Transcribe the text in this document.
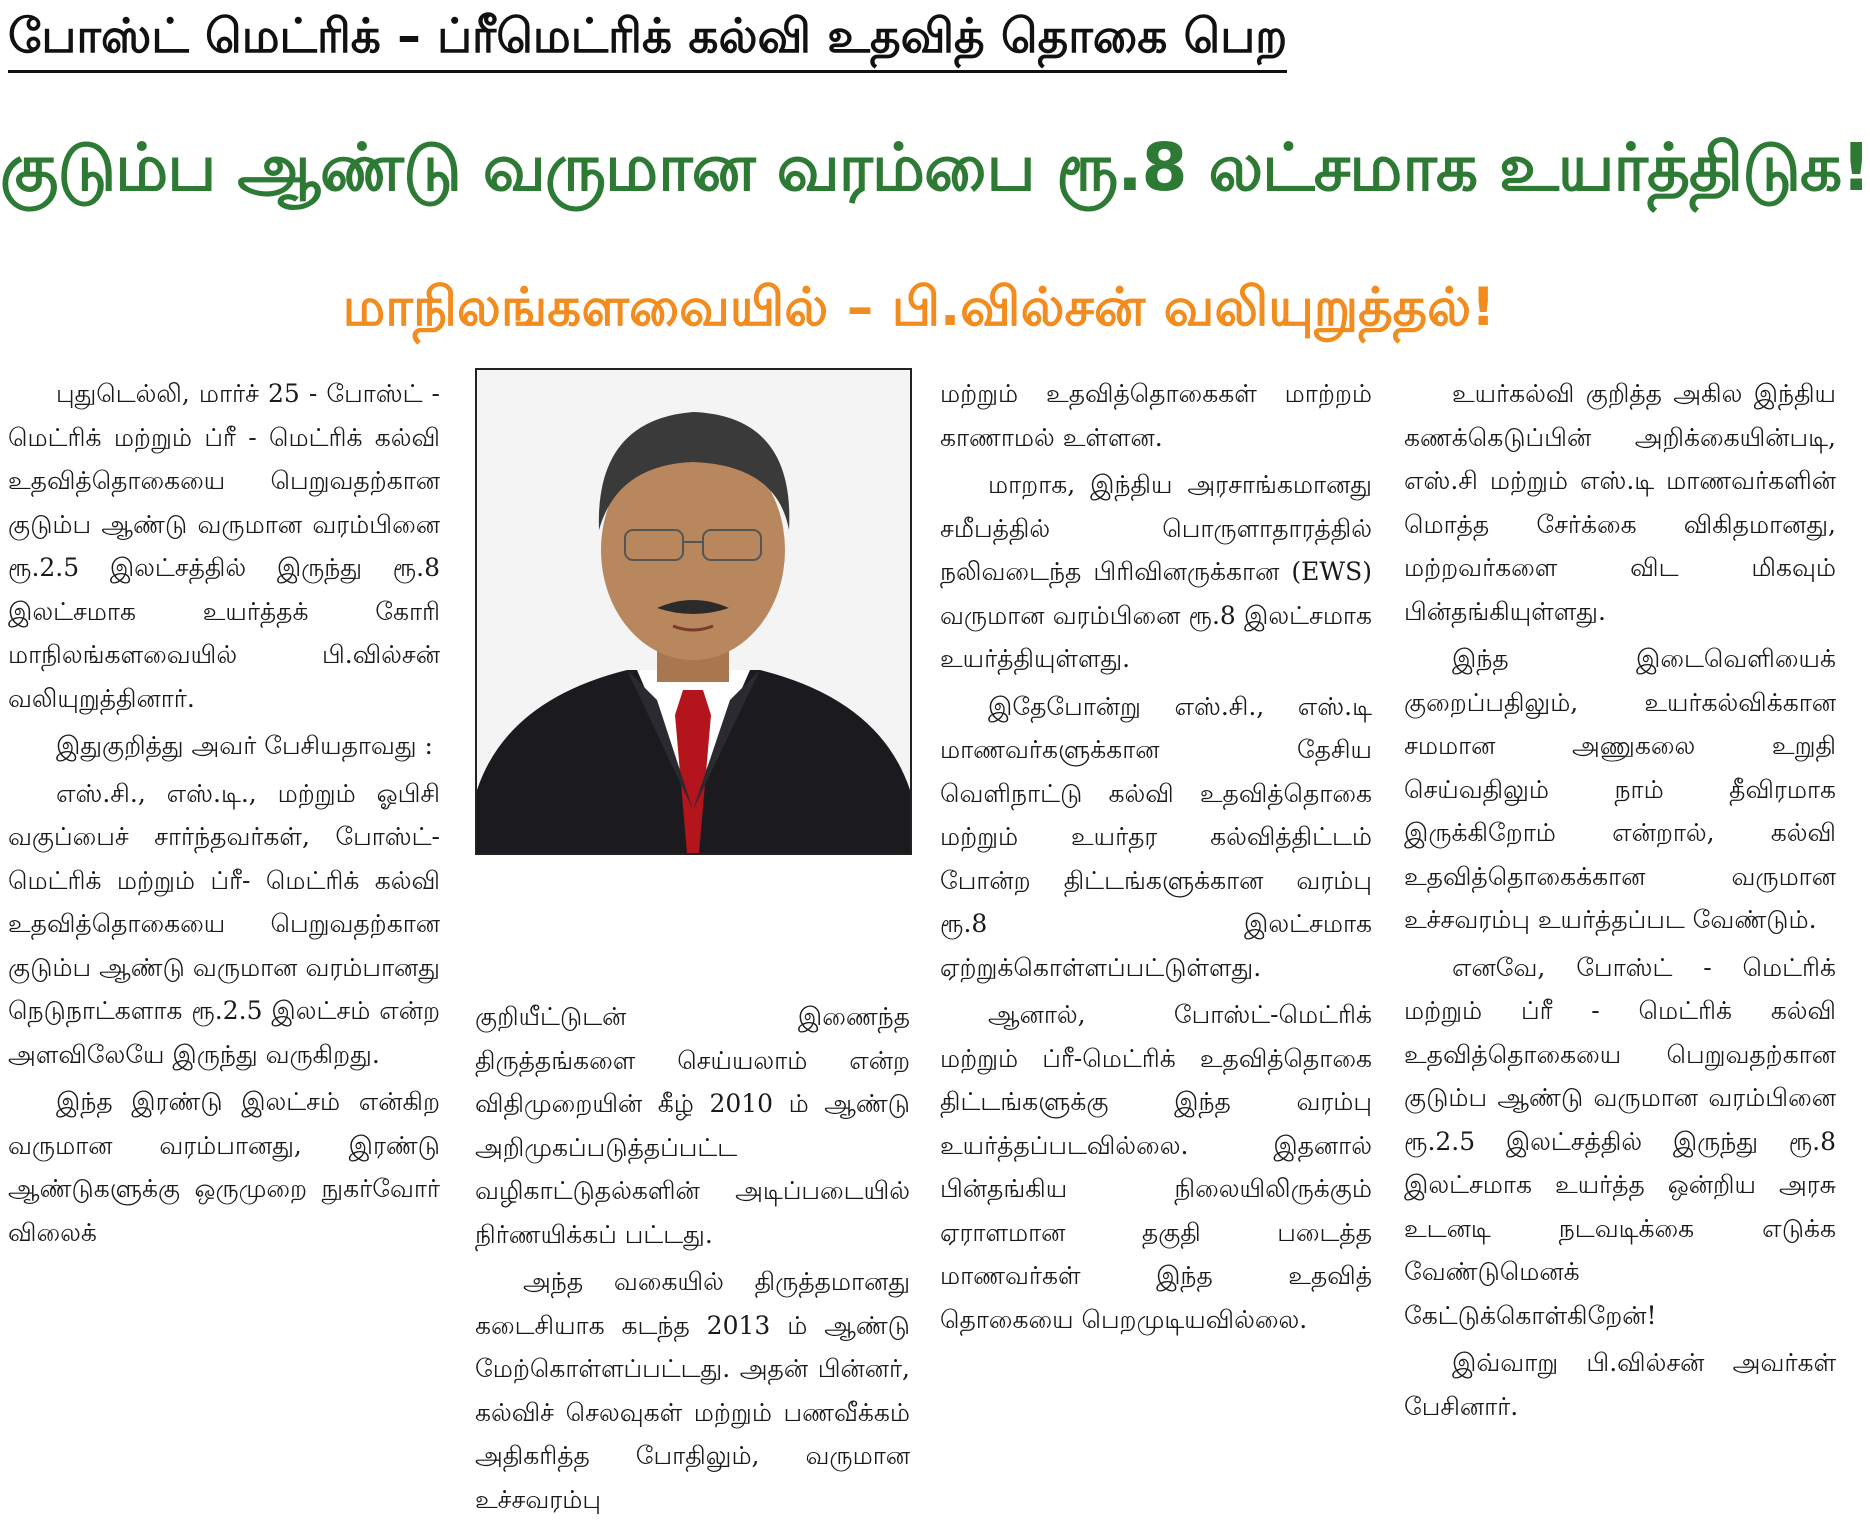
போஸ்ட் மெட்ரிக் – ப்ரீமெட்ரிக் கல்வி உதவித் தொகை பெற
குடும்ப ஆண்டு வருமான வரம்பை ரூ.8 லட்சமாக உயர்த்திடுக!
மாநிலங்களவையில் – பி.வில்சன் வலியுறுத்தல்!

புதுடெல்லி, மார்ச் 25 - போஸ்ட் - மெட்ரிக் மற்றும் ப்ரீ - மெட்ரிக் கல்வி உதவித்தொகையை பெறுவதற்கான குடும்ப ஆண்டு வருமான வரம்பினை ரூ.2.5 இலட்சத்தில் இருந்து ரூ.8 இலட்சமாக உயர்த்தக் கோரி மாநிலங்களவையில் பி.வில்சன் வலியுறுத்தினார்.

இதுகுறித்து அவர் பேசியதாவது :

எஸ்.சி., எஸ்.டி., மற்றும் ஓபிசி வகுப்பைச் சார்ந்தவர்கள், போஸ்ட்- மெட்ரிக் மற்றும் ப்ரீ- மெட்ரிக் கல்வி உதவித்தொகையை பெறுவதற்கான குடும்ப ஆண்டு வருமான வரம்பானது நெடுநாட்களாக ரூ.2.5 இலட்சம் என்ற அளவிலேயே இருந்து வருகிறது.

இந்த இரண்டு இலட்சம் என்கிற வருமான வரம்பானது, இரண்டு ஆண்டுகளுக்கு ஒருமுறை நுகர்வோர் விலைக்

குறியீட்டுடன் இணைந்த திருத்தங்களை செய்யலாம் என்ற விதிமுறையின் கீழ் 2010 ம் ஆண்டு அறிமுகப்படுத்தப்பட்ட வழிகாட்டுதல்களின் அடிப்படையில் நிர்ணயிக்கப் பட்டது.

அந்த வகையில் திருத்தமானது கடைசியாக கடந்த 2013 ம் ஆண்டு மேற்கொள்ளப்பட்டது. அதன் பின்னர், கல்விச் செலவுகள் மற்றும் பணவீக்கம் அதிகரித்த போதிலும், வருமான உச்சவரம்பு

மற்றும் உதவித்தொகைகள் மாற்றம் காணாமல் உள்ளன.

மாறாக, இந்திய அரசாங்கமானது சமீபத்தில் பொருளாதாரத்தில் நலிவடைந்த பிரிவினருக்கான (EWS) வருமான வரம்பினை ரூ.8 இலட்சமாக உயர்த்தியுள்ளது.

இதேபோன்று எஸ்.சி., எஸ்.டி மாணவர்களுக்கான தேசிய வெளிநாட்டு கல்வி உதவித்தொகை மற்றும் உயர்தர கல்வித்திட்டம் போன்ற திட்டங்களுக்கான வரம்பு ரூ.8 இலட்சமாக ஏற்றுக்கொள்ளப்பட்டுள்ளது.

ஆனால், போஸ்ட்-மெட்ரிக் மற்றும் ப்ரீ-மெட்ரிக் உதவித்தொகை திட்டங்களுக்கு இந்த வரம்பு உயர்த்தப்படவில்லை. இதனால் பின்தங்கிய நிலையிலிருக்கும் ஏராளமான தகுதி படைத்த மாணவர்கள் இந்த உதவித் தொகையை பெறமுடியவில்லை.

உயர்கல்வி குறித்த அகில இந்திய கணக்கெடுப்பின் அறிக்கையின்படி, எஸ்.சி மற்றும் எஸ்.டி மாணவர்களின் மொத்த சேர்க்கை விகிதமானது, மற்றவர்களை விட மிகவும் பின்தங்கியுள்ளது.

இந்த இடைவெளியைக் குறைப்பதிலும், உயர்கல்விக்கான சமமான அணுகலை உறுதி செய்வதிலும் நாம் தீவிரமாக இருக்கிறோம் என்றால், கல்வி உதவித்தொகைக்கான வருமான உச்சவரம்பு உயர்த்தப்பட வேண்டும்.

எனவே, போஸ்ட் - மெட்ரிக் மற்றும் ப்ரீ - மெட்ரிக் கல்வி உதவித்தொகையை பெறுவதற்கான குடும்ப ஆண்டு வருமான வரம்பினை ரூ.2.5 இலட்சத்தில் இருந்து ரூ.8 இலட்சமாக உயர்த்த ஒன்றிய அரசு உடனடி நடவடிக்கை எடுக்க வேண்டுமெனக் கேட்டுக்கொள்கிறேன்!

இவ்வாறு பி.வில்சன் அவர்கள் பேசினார்.
